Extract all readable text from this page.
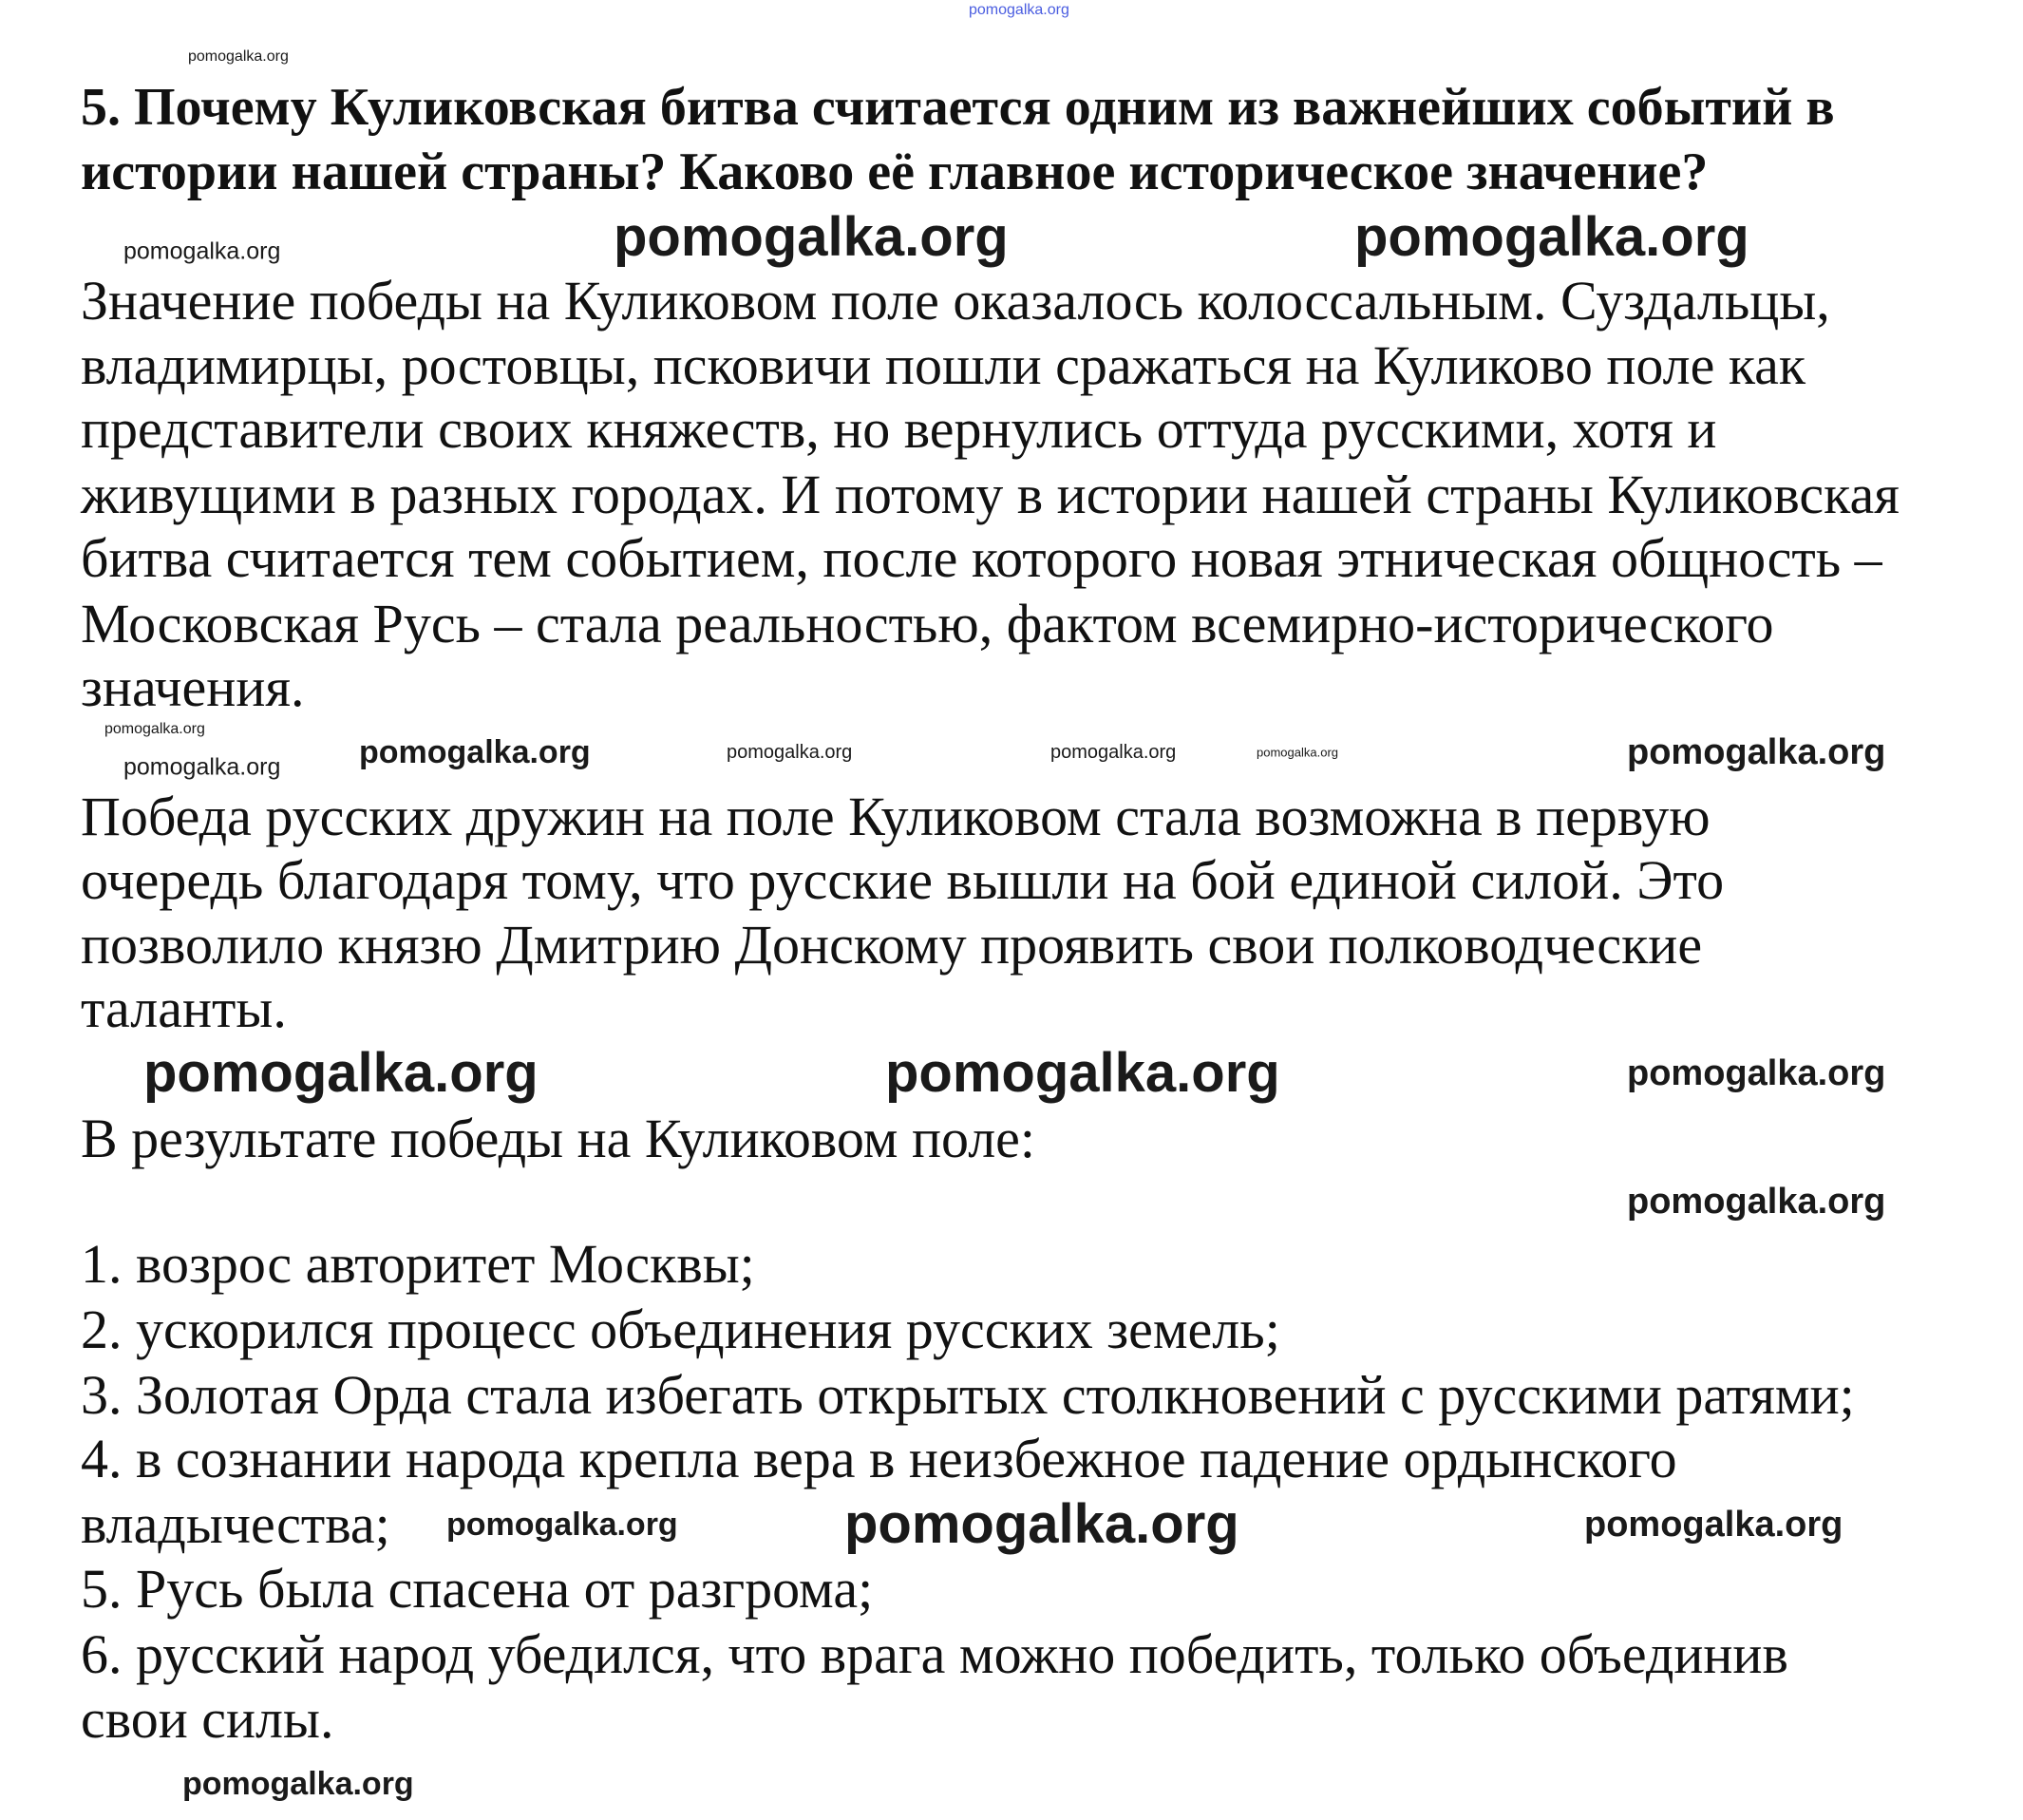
pomogalka.org
5. Почему Куликовская битва считается одним из важнейших событий в
истории нашей страны? Каково её главное историческое значение?
Значение победы на Куликовом поле оказалось колоссальным. Суздальцы,
владимирцы, ростовцы, псковичи пошли сражаться на Куликово поле как
представители своих княжеств, но вернулись оттуда русскими, хотя и
живущими в разных городах. И потому в истории нашей страны Куликовская
битва считается тем событием, после которого новая этническая общность –
Московская Русь – стала реальностью, фактом всемирно-исторического
значения.
Победа русских дружин на поле Куликовом стала возможна в первую
очередь благодаря тому, что русские вышли на бой единой силой. Это
позволило князю Дмитрию Донскому проявить свои полководческие
таланты.
В результате победы на Куликовом поле:
1. возрос авторитет Москвы;
2. ускорился процесс объединения русских земель;
3. Золотая Орда стала избегать открытых столкновений с русскими ратями;
4. в сознании народа крепла вера в неизбежное падение ордынского
владычества;
5. Русь была спасена от разгрома;
6. русский народ убедился, что врага можно победить, только объединив
свои силы.
pomogalka.org
pomogalka.org	pomogalka.org
pomogalka.org
pomogalka.org
pomogalka.org
pomogalka.org	pomogalka.org	pomogalka.org	pomogalka.org
pomogalka.org
pomogalka.org
pomogalka.org
pomogalka.org
pomogalka.org
pomogalka.org	pomogalka.org	pomogalka.org
pomogalka.org
